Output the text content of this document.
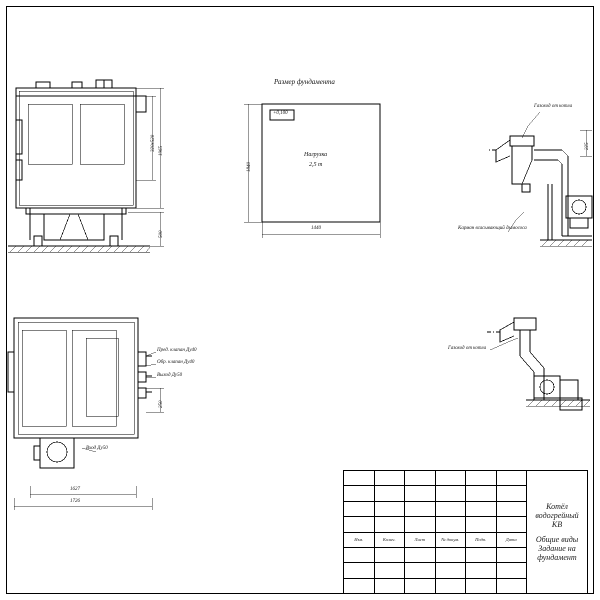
1965
320x520
500
Размер фундамента
+0,100
Нагрузка
2,5 т
1840
1440
Газоход от котла
Карман всасывающий дымососа
225
Газоход от котла
Пред. клапан Ду40
Обр. клапан Ду40
Выход Ду50
Вход Ду50
250
1627
1726

						Котёл водогрейный
КВ
Общие виды
Задание на фундамент

Изм.	Колич.	Лист	№ докум.	Подп.	Дата	
